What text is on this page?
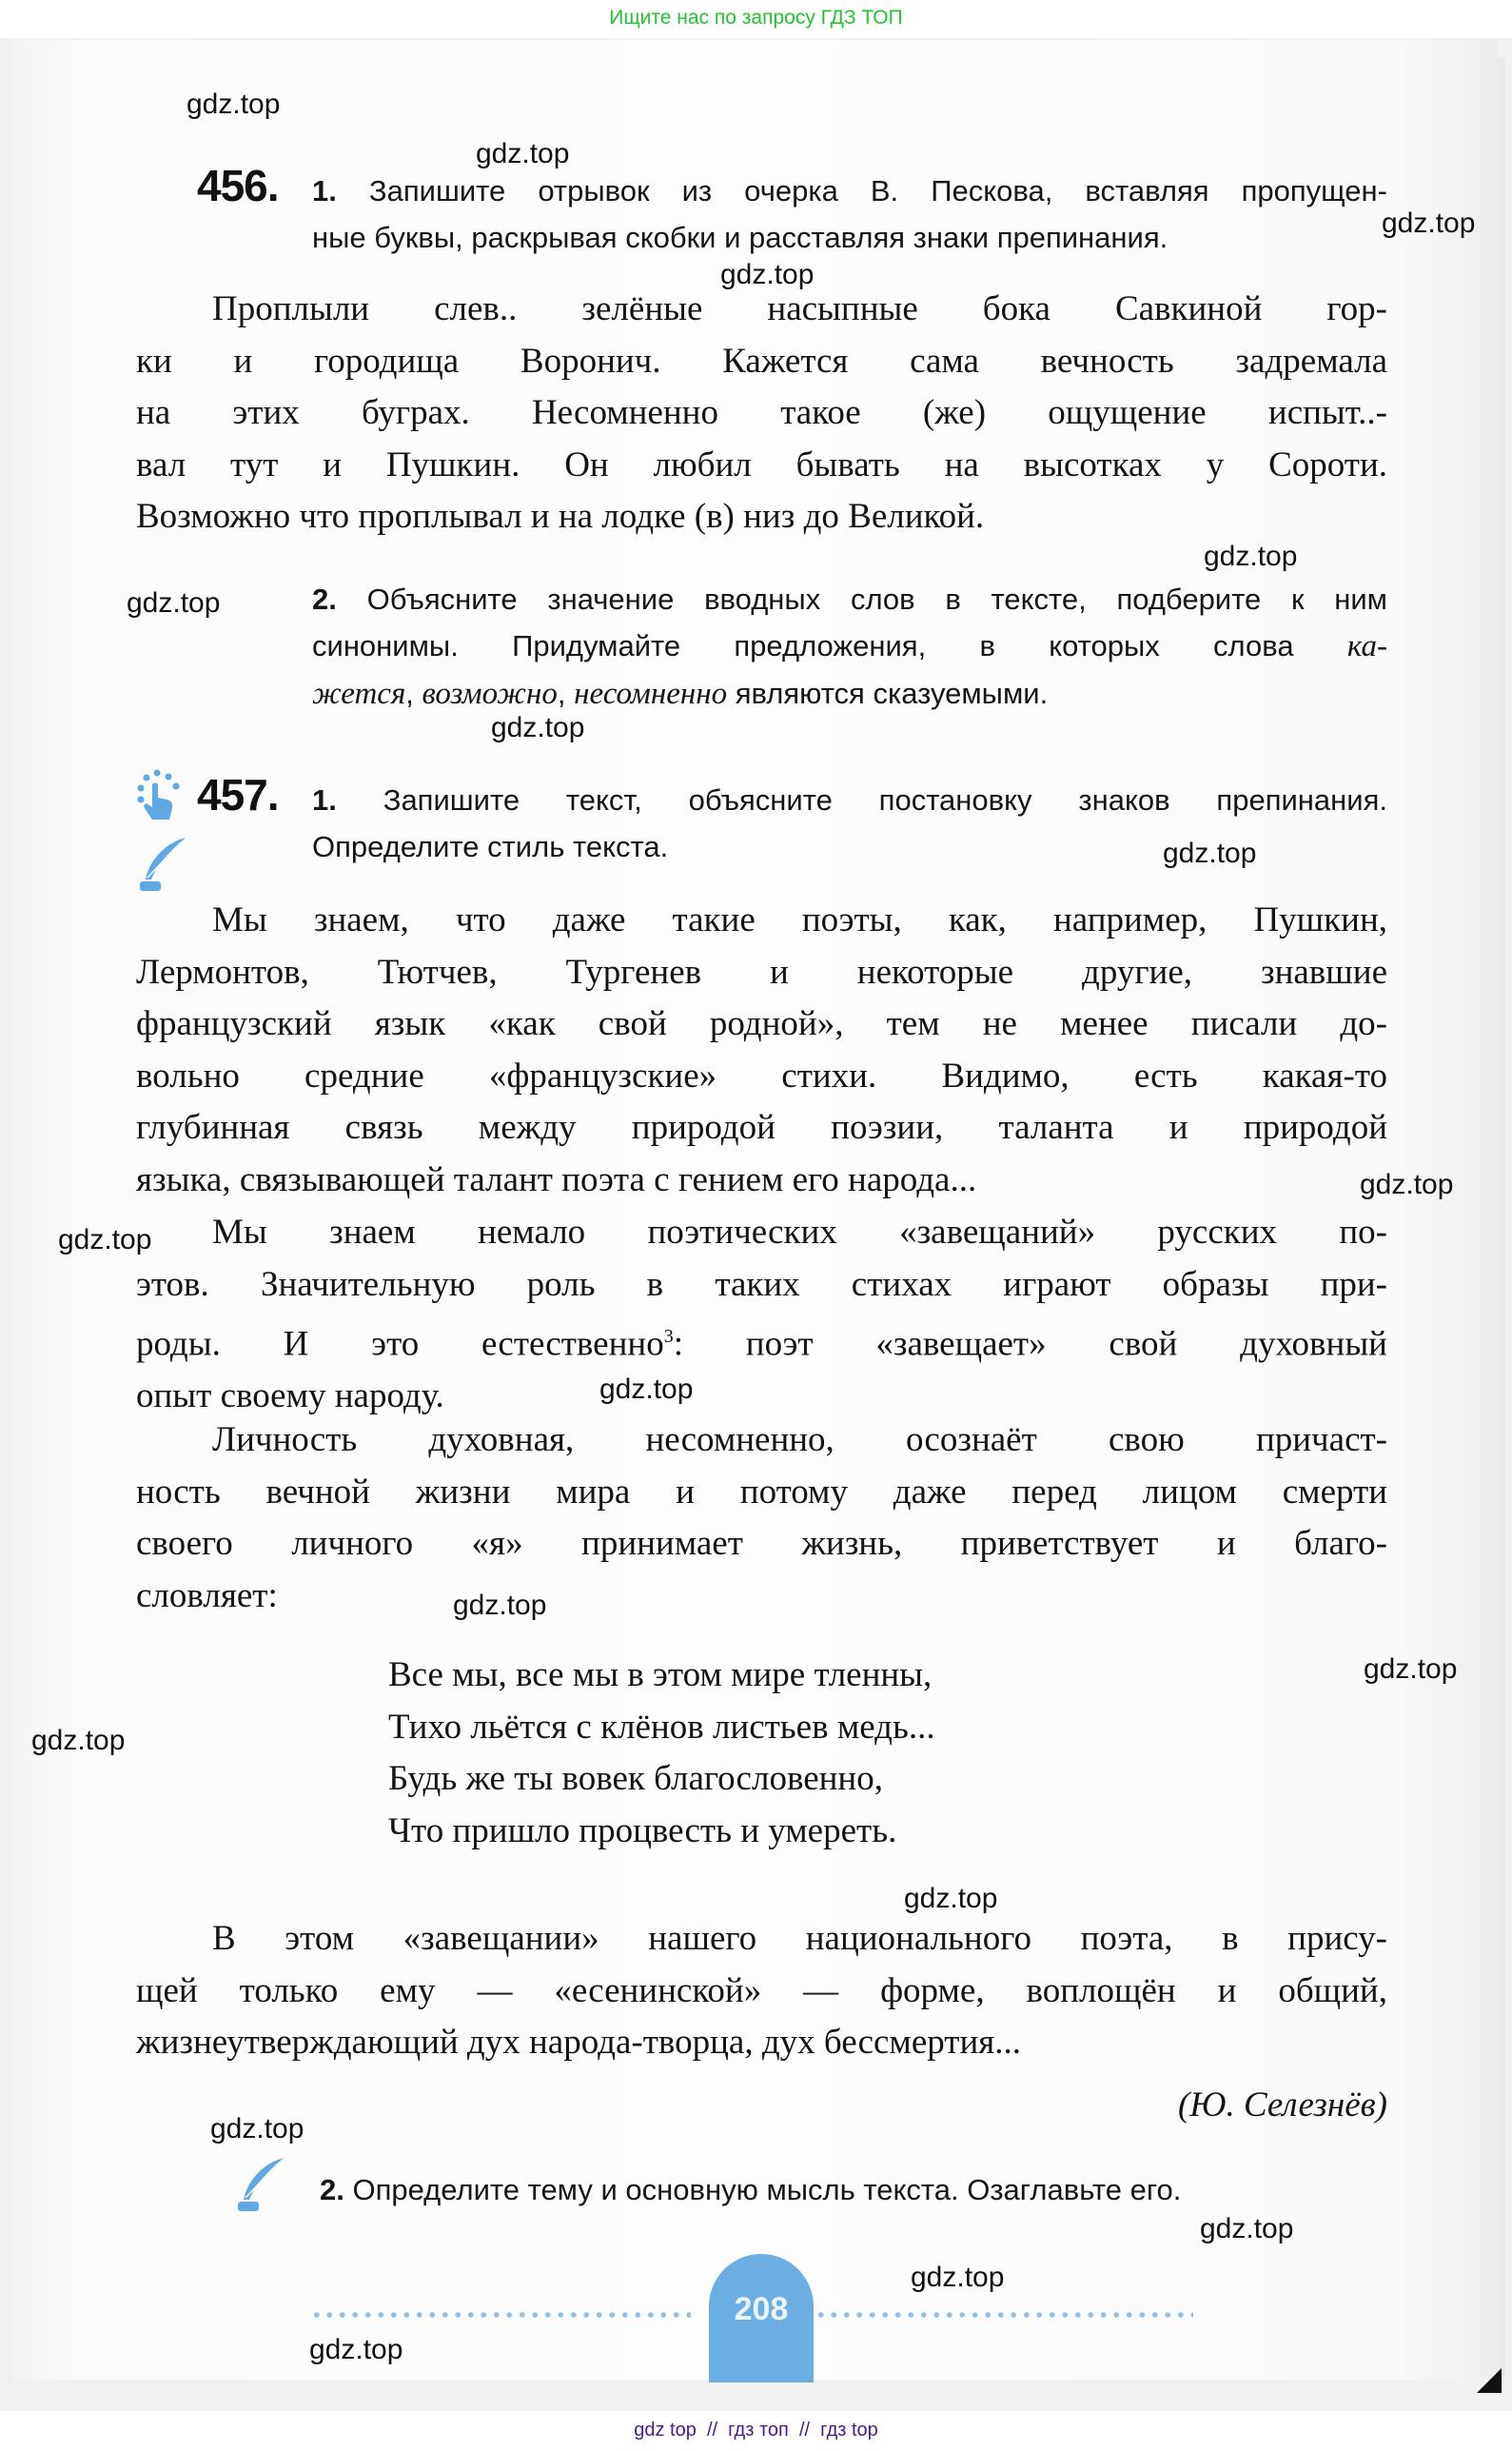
Ищите нас по запросу ГДЗ ТОП
456. 1. Запишите отрывок из очерка В. Пескова, вставляя пропущен-
ные буквы, раскрывая скобки и расставляя знаки препинания.
Проплыли слев.. зелёные насыпные бока Савкиной гор-
ки и городища Воронич. Кажется сама вечность задремала
на этих буграх. Несомненно такое (же) ощущение испыт..-
вал тут и Пушкин. Он любил бывать на высотках у Сороти.
Возможно что проплывал и на лодке (в) низ до Великой.
2. Объясните значение вводных слов в тексте, подберите к ним
синонимы. Придумайте предложения, в которых слова ка-
жется, возможно, несомненно являются сказуемыми.
457. 1. Запишите текст, объясните постановку знаков препинания.
Определите стиль текста.
Мы знаем, что даже такие поэты, как, например, Пушкин,
Лермонтов, Тютчев, Тургенев и некоторые другие, знавшие
французский язык «как свой родной», тем не менее писали до-
вольно средние «французские» стихи. Видимо, есть какая-то
глубинная связь между природой поэзии, таланта и природой
языка, связывающей талант поэта с гением его народа...
Мы знаем немало поэтических «завещаний» русских по-
этов. Значительную роль в таких стихах играют образы при-
роды. И это естественно$^3$: поэт «завещает» свой духовный
опыт своему народу.
Личность духовная, несомненно, осознаёт свою причаст-
ность вечной жизни мира и потому даже перед лицом смерти
своего личного «я» принимает жизнь, приветствует и благо-
словляет:
Все мы, все мы в этом мире тленны,
Тихо льётся с клёнов листьев медь...
Будь же ты вовек благословенно,
Что пришло процвесть и умереть.
В этом «завещании» нашего национального поэта, в прису-
щей только ему — «есенинской» — форме, воплощён и общий,
жизнеутверждающий дух народа-творца, дух бессмертия...
(Ю. Селезнёв)
2. Определите тему и основную мысль текста. Озаглавьте его.
208
gdz.top
gdz.top
gdz.top
gdz.top
gdz.top
gdz.top
gdz.top
gdz.top
gdz.top
gdz.top
gdz.top
gdz.top
gdz.top
gdz.top
gdz.top
gdz.top
gdz.top
gdz.top
gdz.top
gdz top  //  гдз топ  //  гдз top
